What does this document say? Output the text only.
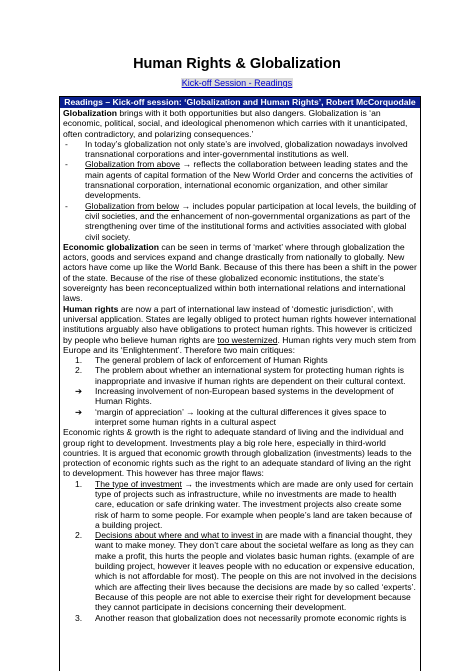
Human Rights & Globalization
Kick-off Session - Readings
Readings – Kick-off session: ‘Globalization and Human Rights’, Robert McCorquodale

Globalization brings with it both opportunities but also dangers. Globalization is ‘an economic, political, social, and ideological phenomenon which carries with it unanticipated, often contradictory, and polarizing consequences.’

-	In today’s globalization not only state’s are involved, globalization nowadays involved transnational corporations and inter-governmental institutions as well.
-	Globalization from above → reflects the collaboration between leading states and the main agents of capital formation of the New World Order and concerns the activities of transnational corporation, international economic organization, and other similar developments.
-	Globalization from below → includes popular participation at local levels, the building of civil societies, and the enhancement of non-governmental organizations as part of the strengthening over time of the institutional forms and activities associated with global civil society.

Economic globalization can be seen in terms of ‘market’ where through globalization the actors, goods and services expand and change drastically from nationally to globally. New actors have come up like the World Bank. Because of this there has been a shift in the power of the state. Because of the rise of these globalized economic institutions, the state’s sovereignty has been reconceptualized within both international relations and international laws.

Human rights are now a part of international law instead of ‘domestic jurisdiction’, with universal application. States are legally obliged to protect human rights however international institutions arguably also have obligations to protect human rights. This however is criticized by people who believe human rights are too westernized. Human rights very much stem from Europe and its ‘Enlightenment’. Therefore two main critiques:

1.	The general problem of lack of enforcement of Human Rights
2.	The problem about whether an international system for protecting human rights is inappropriate and invasive if human rights are dependent on their cultural context.
➔	Increasing involvement of non-European based systems in the development of Human Rights.
➔	‘margin of appreciation’ → looking at the cultural differences it gives space to interpret some human rights in a cultural aspect

Economic rights & growth is the right to adequate standard of living and the individual and group right to development. Investments play a big role here, especially in third-world countries. It is argued that economic growth through globalization (investments) leads to the protection of economic rights such as the right to an adequate standard of living an the right to development. This however has three major flaws:

1.	The type of investment → the investments which are made are only used for certain type of projects such as infrastructure, while no investments are made to health care, education or safe drinking water. The investment projects also create some risk of harm to some people. For example when people’s land are taken because of a building project.
2.	Decisions about where and what to invest in are made with a financial thought, they want to make money. They don’t care about the societal welfare as long as they can make a profit, this hurts the people and violates basic human rights. (example of are building project, however it leaves people with no education or expensive education, which is not affordable for most). The people on this are not involved in the decisions which are affecting their lives because the decisions are made by so called ‘experts’. Because of this people are not able to exercise their right for development because they cannot participate in decisions concerning their development.
3.	Another reason that globalization does not necessarily promote economic rights is
